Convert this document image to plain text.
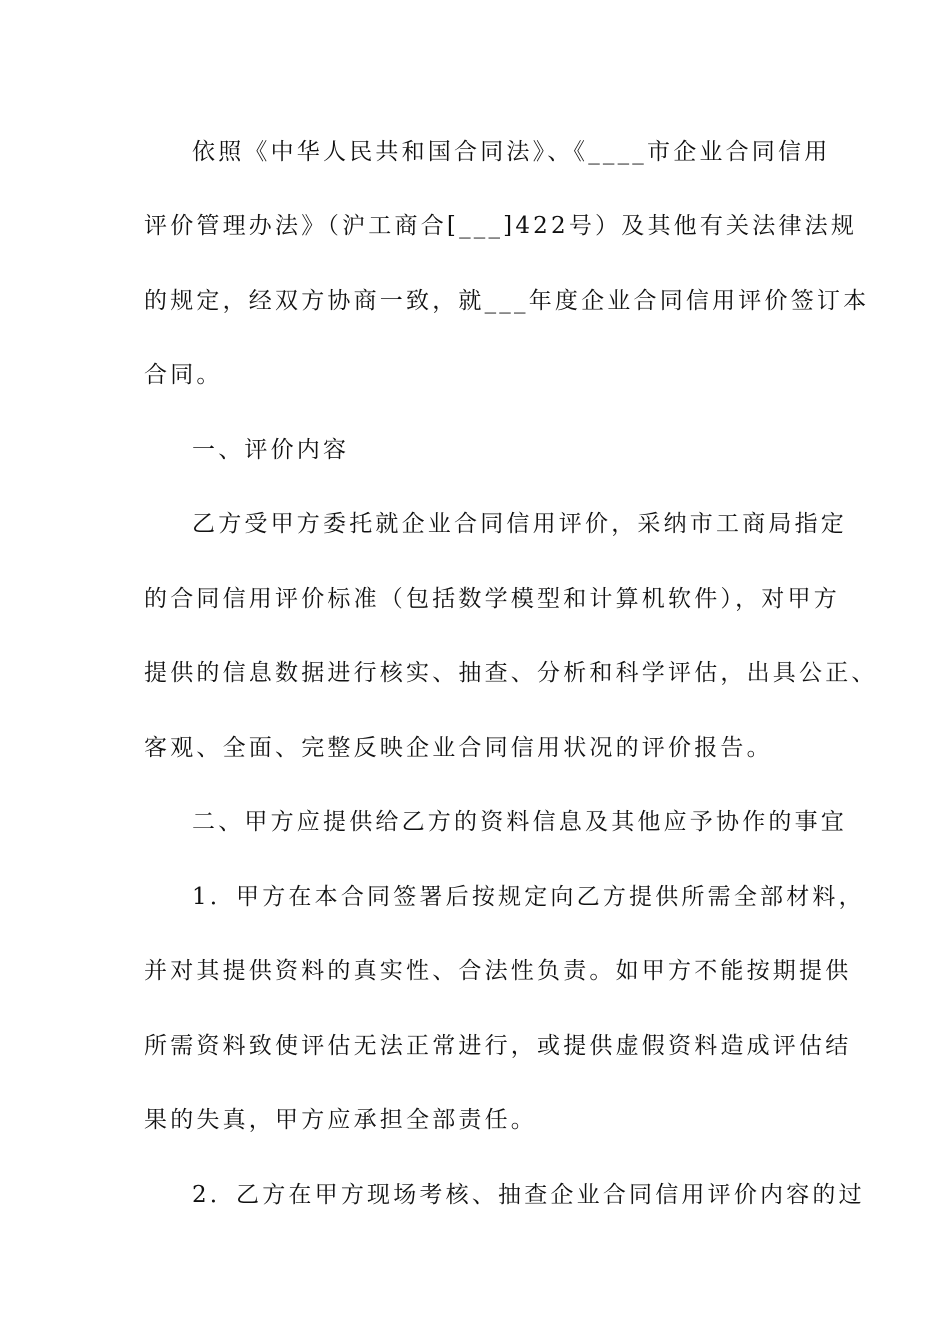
依照《中华人民共和国合同法》、《____市企业合同信用
评价管理办法》（沪工商合[___]422号）及其他有关法律法规
的规定，经双方协商一致，就___年度企业合同信用评价签订本
合同。
一、评价内容
乙方受甲方委托就企业合同信用评价，采纳市工商局指定
的合同信用评价标准（包括数学模型和计算机软件），对甲方
提供的信息数据进行核实、抽查、分析和科学评估，出具公正、
客观、全面、完整反映企业合同信用状况的评价报告。
二、甲方应提供给乙方的资料信息及其他应予协作的事宜
1．甲方在本合同签署后按规定向乙方提供所需全部材料，
并对其提供资料的真实性、合法性负责。如甲方不能按期提供
所需资料致使评估无法正常进行，或提供虚假资料造成评估结
果的失真，甲方应承担全部责任。
2．乙方在甲方现场考核、抽查企业合同信用评价内容的过
